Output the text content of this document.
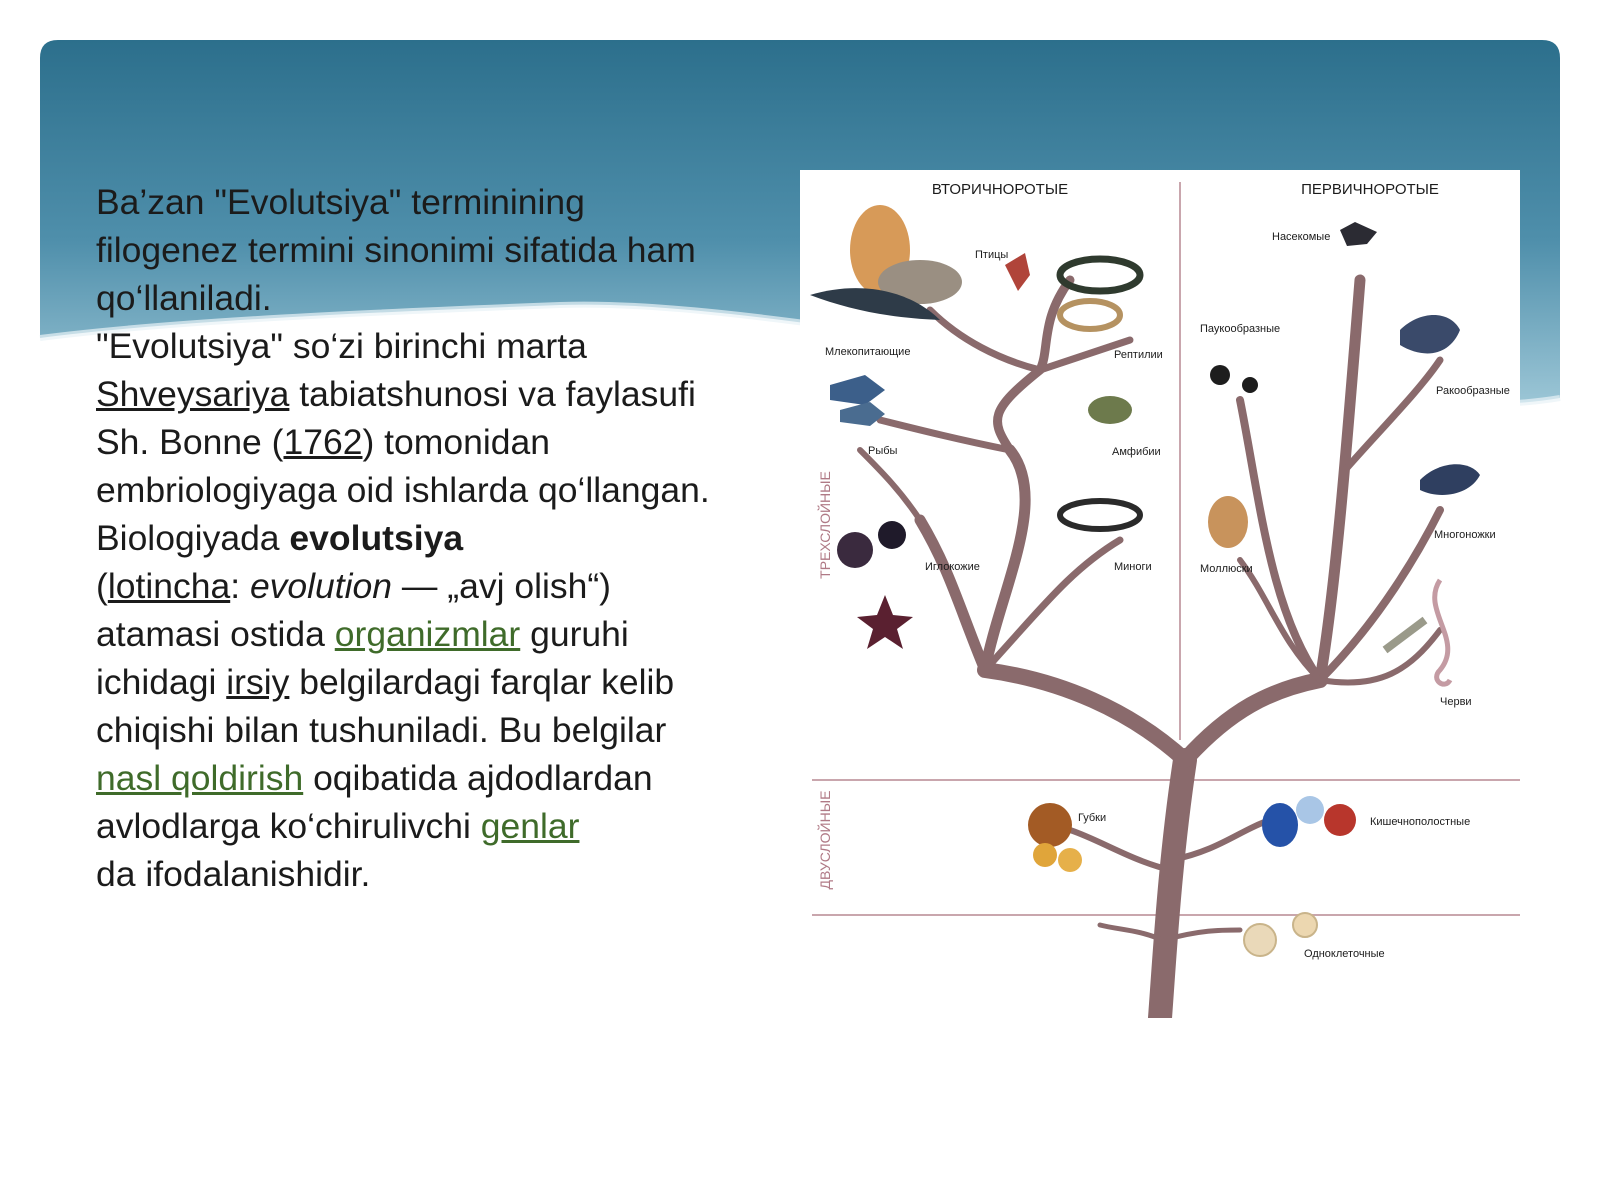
Ba’zan "Evolutsiya" terminining filogenez termini sinonimi sifatida ham qo‘llaniladi.

"Evolutsiya" so‘zi birinchi marta Shveysariya tabiatshunosi va faylasufi Sh. Bonne (1762) tomonidan embriologiyaga oid ishlarda qo‘llangan.

Biologiyada evolutsiya
(lotincha: evolution — „avj olish“) atamasi ostida organizmlar guruhi ichidagi irsiy belgilardagi farqlar kelib chiqishi bilan tushuniladi. Bu belgilar nasl qoldirish oqibatida ajdodlardan avlodlarga ko‘chirulivchi genlar
da ifodalanishidir.

ВТОРИЧНОРОТЫЕ	ПЕРВИЧНОРОТЫЕ
ТРЕХСЛОЙНЫЕ
ДВУСЛОЙНЫЕ
Млекопитающие
Птицы
Рептилии
Рыбы	Амфибии
Иглокожие	Миноги
Насекомые
Паукообразные
Ракообразные
Многоножки
Моллюски
Черви
Губки	Кишечнополостные
Одноклеточные
